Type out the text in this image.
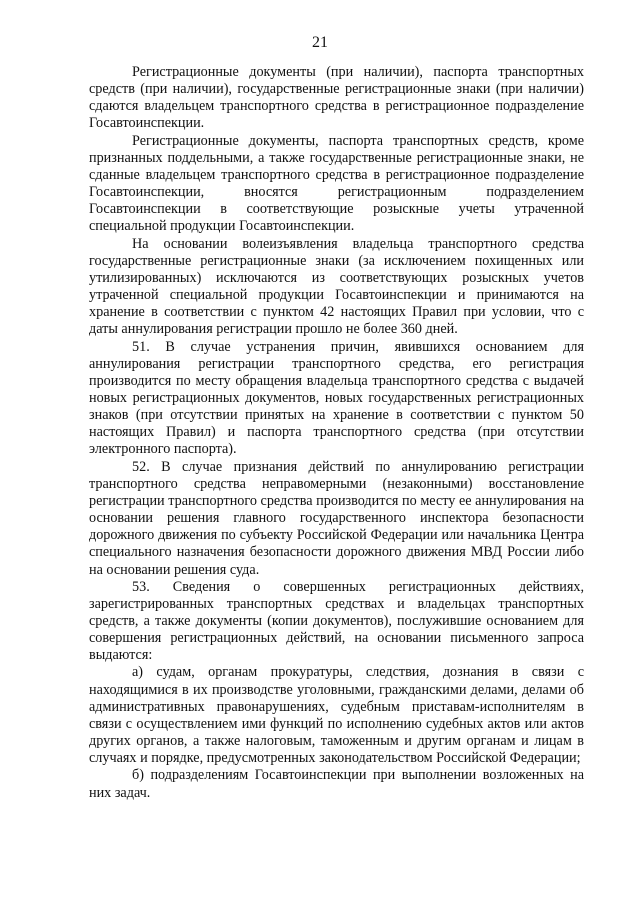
21

Регистрационные документы (при наличии), паспорта транспортных средств (при наличии), государственные регистрационные знаки (при наличии) сдаются владельцем транспортного средства в регистрационное подразделение Госавтоинспекции.

Регистрационные документы, паспорта транспортных средств, кроме признанных поддельными, а также государственные регистрационные знаки, не сданные владельцем транспортного средства в регистрационное подразделение Госавтоинспекции, вносятся регистрационным подразделением Госавтоинспекции в соответствующие розыскные учеты утраченной специальной продукции Госавтоинспекции.

На основании волеизъявления владельца транспортного средства государственные регистрационные знаки (за исключением похищенных или утилизированных) исключаются из соответствующих розыскных учетов утраченной специальной продукции Госавтоинспекции и принимаются на хранение в соответствии с пунктом 42 настоящих Правил при условии, что с даты аннулирования регистрации прошло не более 360 дней.

51. В случае устранения причин, явившихся основанием для аннулирования регистрации транспортного средства, его регистрация производится по месту обращения владельца транспортного средства с выдачей новых регистрационных документов, новых государственных регистрационных знаков (при отсутствии принятых на хранение в соответствии с пунктом 50 настоящих Правил) и паспорта транспортного средства (при отсутствии электронного паспорта).

52. В случае признания действий по аннулированию регистрации транспортного средства неправомерными (незаконными) восстановление регистрации транспортного средства производится по месту ее аннулирования на основании решения главного государственного инспектора безопасности дорожного движения по субъекту Российской Федерации или начальника Центра специального назначения безопасности дорожного движения МВД России либо на основании решения суда.

53. Сведения о совершенных регистрационных действиях, зарегистрированных транспортных средствах и владельцах транспортных средств, а также документы (копии документов), послужившие основанием для совершения регистрационных действий, на основании письменного запроса выдаются:

а) судам, органам прокуратуры, следствия, дознания в связи с находящимися в их производстве уголовными, гражданскими делами, делами об административных правонарушениях, судебным приставам-исполнителям в связи с осуществлением ими функций по исполнению судебных актов или актов других органов, а также налоговым, таможенным и другим органам и лицам в случаях и порядке, предусмотренных законодательством Российской Федерации;

б) подразделениям Госавтоинспекции при выполнении возложенных на них задач.
